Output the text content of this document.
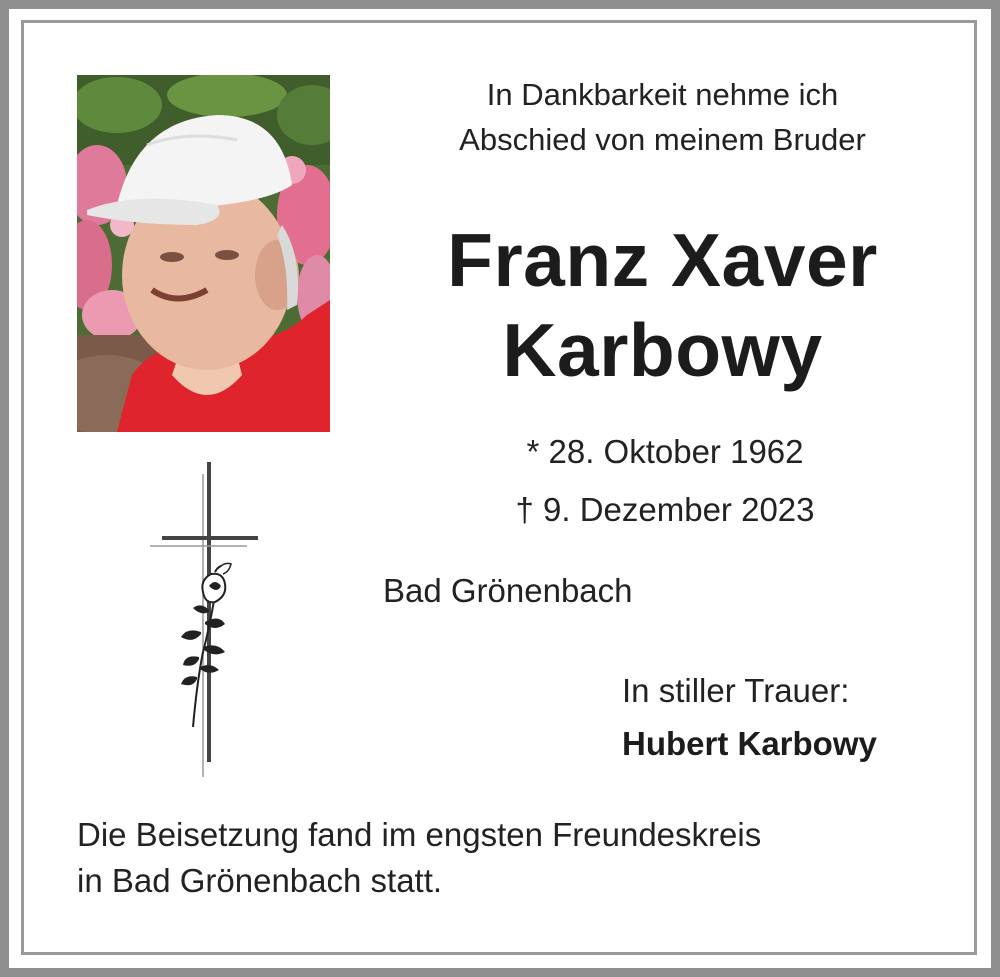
In Dankbarkeit nehme ich
Abschied von meinem Bruder
Franz Xaver
Karbowy
* 28. Oktober 1962
† 9. Dezember 2023
Bad Grönenbach
In stiller Trauer:
Hubert Karbowy
Die Beisetzung fand im engsten Freundeskreis
in Bad Grönenbach statt.
